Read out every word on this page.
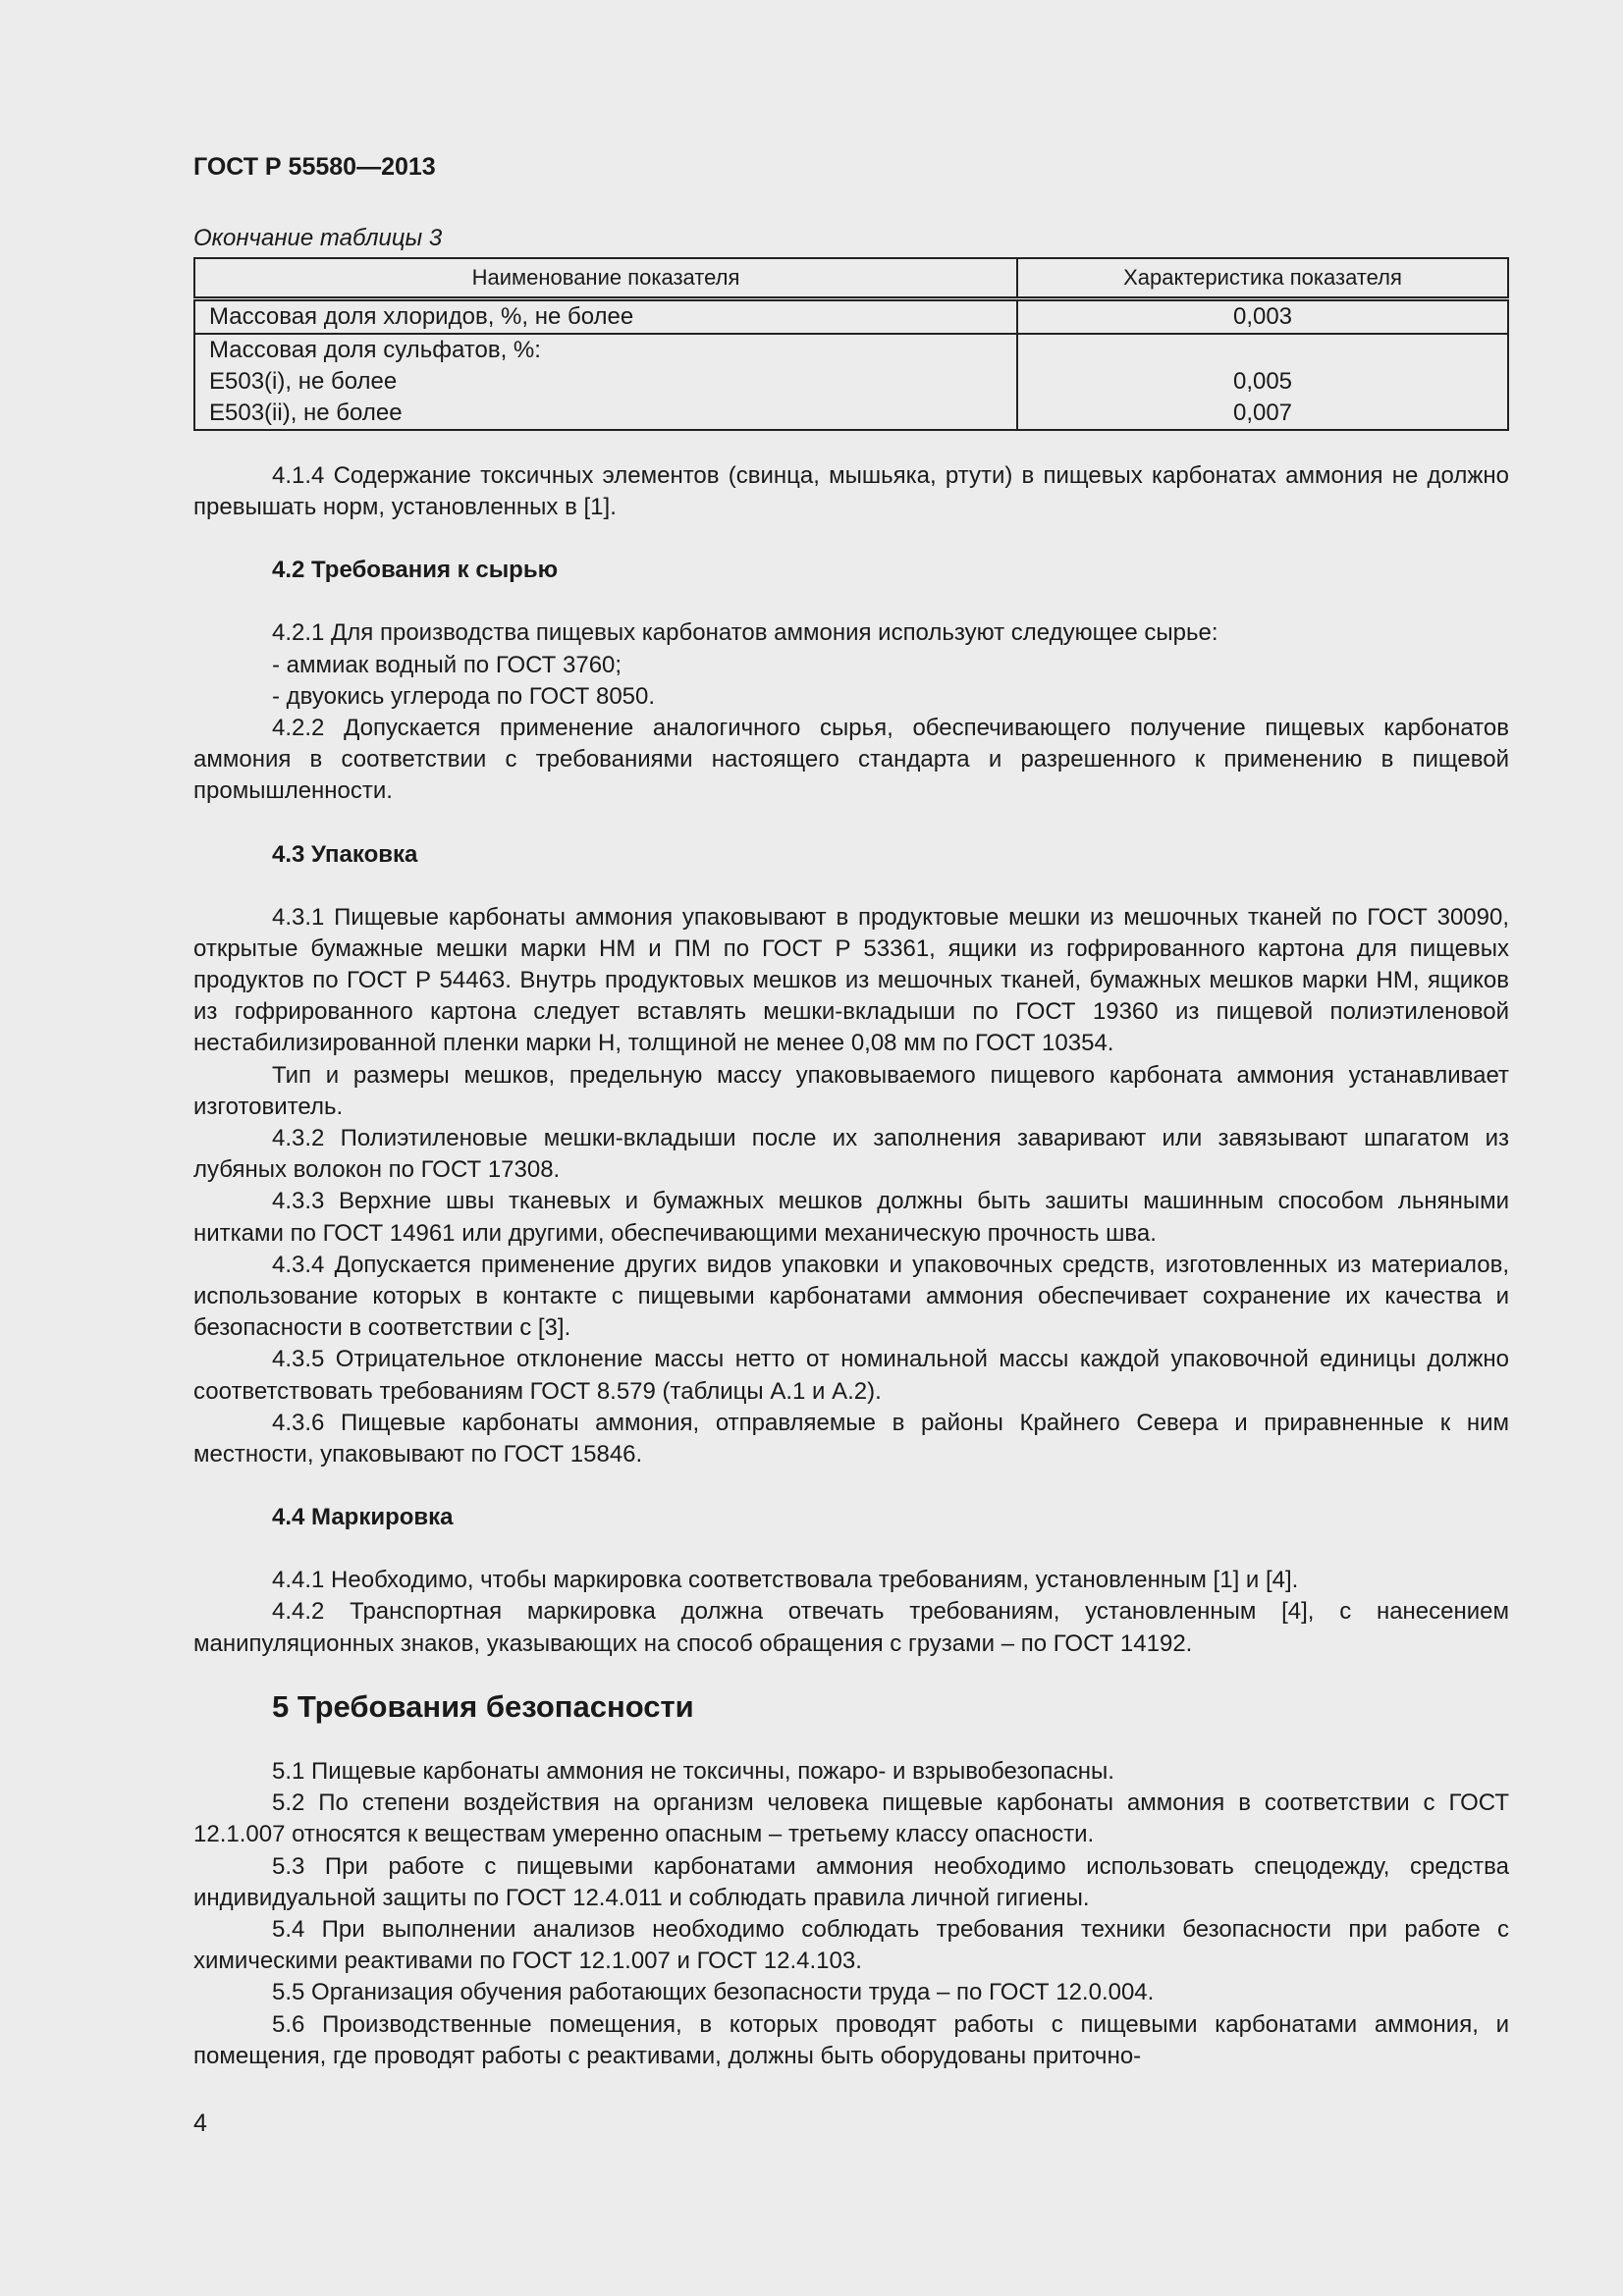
ГОСТ Р 55580—2013
Окончание таблицы 3
Наименование показателя	Характеристика показателя
Массовая доля хлоридов, %, не более	0,003
Массовая доля сульфатов, %:	
E503(i), не более	0,005
E503(ii), не более	0,007

4.1.4 Содержание токсичных элементов (свинца, мышьяка, ртути) в пищевых карбонатах аммония не должно превышать норм, установленных в [1].

4.2 Требования к сырью

4.2.1 Для производства пищевых карбонатов аммония используют следующее сырье:

- аммиак водный по ГОСТ 3760;

- двуокись углерода по ГОСТ 8050.

4.2.2 Допускается применение аналогичного сырья, обеспечивающего получение пищевых карбонатов аммония в соответствии с требованиями настоящего стандарта и разрешенного к применению в пищевой промышленности.

4.3 Упаковка

4.3.1 Пищевые карбонаты аммония упаковывают в продуктовые мешки из мешочных тканей по ГОСТ 30090, открытые бумажные мешки марки НМ и ПМ по ГОСТ Р 53361, ящики из гофрированного картона для пищевых продуктов по ГОСТ Р 54463. Внутрь продуктовых мешков из мешочных тканей, бумажных мешков марки НМ, ящиков из гофрированного картона следует вставлять мешки-вкладыши по ГОСТ 19360 из пищевой полиэтиленовой нестабилизированной пленки марки Н, толщиной не менее 0,08 мм по ГОСТ 10354.

Тип и размеры мешков, предельную массу упаковываемого пищевого карбоната аммония устанавливает изготовитель.

4.3.2 Полиэтиленовые мешки-вкладыши после их заполнения заваривают или завязывают шпагатом из лубяных волокон по ГОСТ 17308.

4.3.3 Верхние швы тканевых и бумажных мешков должны быть зашиты машинным способом льняными нитками по ГОСТ 14961 или другими, обеспечивающими механическую прочность шва.

4.3.4 Допускается применение других видов упаковки и упаковочных средств, изготовленных из материалов, использование которых в контакте с пищевыми карбонатами аммония обеспечивает сохранение их качества и безопасности в соответствии с [3].

4.3.5 Отрицательное отклонение массы нетто от номинальной массы каждой упаковочной единицы должно соответствовать требованиям ГОСТ 8.579 (таблицы А.1 и А.2).

4.3.6 Пищевые карбонаты аммония, отправляемые в районы Крайнего Севера и приравненные к ним местности, упаковывают по ГОСТ 15846.

4.4 Маркировка

4.4.1 Необходимо, чтобы маркировка соответствовала требованиям, установленным [1] и [4].

4.4.2 Транспортная маркировка должна отвечать требованиям, установленным [4], с нанесением манипуляционных знаков, указывающих на способ обращения с грузами – по ГОСТ 14192.

5 Требования безопасности

5.1 Пищевые карбонаты аммония не токсичны, пожаро- и взрывобезопасны.

5.2 По степени воздействия на организм человека пищевые карбонаты аммония в соответствии с ГОСТ 12.1.007 относятся к веществам умеренно опасным – третьему классу опасности.

5.3 При работе с пищевыми карбонатами аммония необходимо использовать спецодежду, средства индивидуальной защиты по ГОСТ 12.4.011 и соблюдать правила личной гигиены.

5.4 При выполнении анализов необходимо соблюдать требования техники безопасности при работе с химическими реактивами по ГОСТ 12.1.007 и ГОСТ 12.4.103.

5.5 Организация обучения работающих безопасности труда – по ГОСТ 12.0.004.

5.6 Производственные помещения, в которых проводят работы с пищевыми карбонатами аммония, и помещения, где проводят работы с реактивами, должны быть оборудованы приточно-

4
